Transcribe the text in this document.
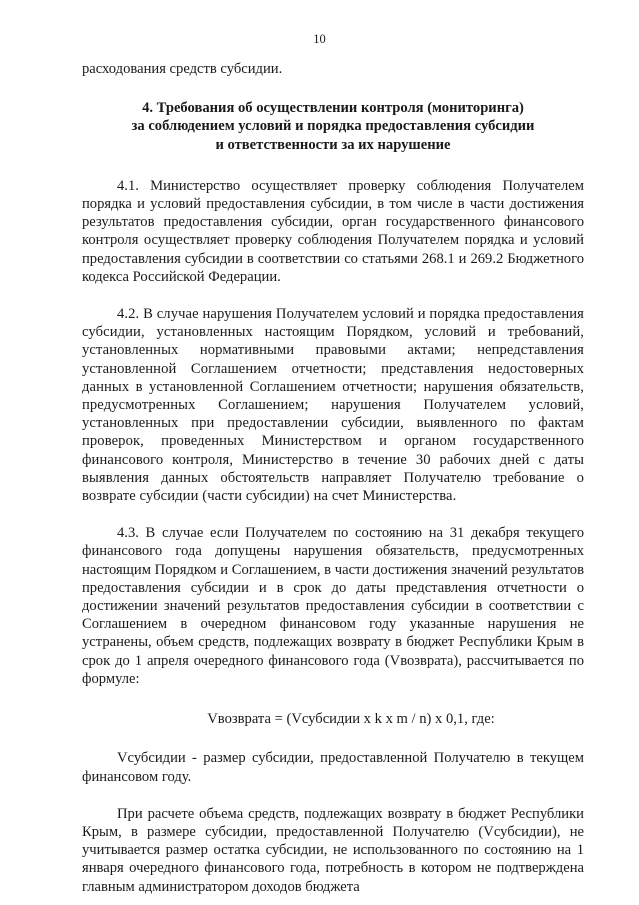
10

расходования средств субсидии.

4. Требования об осуществлении контроля (мониторинга)
за соблюдением условий и порядка предоставления субсидии
и ответственности за их нарушение

4.1. Министерство осуществляет проверку соблюдения Получателем порядка и условий предоставления субсидии, в том числе в части достижения результатов предоставления субсидии, орган государственного финансового контроля осуществляет проверку соблюдения Получателем порядка и условий предоставления субсидии в соответствии со статьями 268.1 и 269.2 Бюджетного кодекса Российской Федерации.

4.2. В случае нарушения Получателем условий и порядка предоставления субсидии, установленных настоящим Порядком, условий и требований, установленных нормативными правовыми актами; непредставления установленной Соглашением отчетности; представления недостоверных данных в установленной Соглашением отчетности; нарушения обязательств, предусмотренных Соглашением; нарушения Получателем условий, установленных при предоставлении субсидии, выявленного по фактам проверок, проведенных Министерством и органом государственного финансового контроля, Министерство в течение 30 рабочих дней с даты выявления данных обстоятельств направляет Получателю требование о возврате субсидии (части субсидии) на счет Министерства.

4.3. В случае если Получателем по состоянию на 31 декабря текущего финансового года допущены нарушения обязательств, предусмотренных настоящим Порядком и Соглашением, в части достижения значений результатов предоставления субсидии и в срок до даты представления отчетности о достижении значений результатов предоставления субсидии в соответствии с Соглашением в очередном финансовом году указанные нарушения не устранены, объем средств, подлежащих возврату в бюджет Республики Крым в срок до 1 апреля очередного финансового года (Vвозврата), рассчитывается по формуле:

Vвозврата = (Vсубсидии x k x m / n) x 0,1, где:

Vсубсидии - размер субсидии, предоставленной Получателю в текущем финансовом году.

При расчете объема средств, подлежащих возврату в бюджет Республики Крым, в размере субсидии, предоставленной Получателю (Vсубсидии), не учитывается размер остатка субсидии, не использованного по состоянию на 1 января очередного финансового года, потребность в котором не подтверждена главным администратором доходов бюджета
